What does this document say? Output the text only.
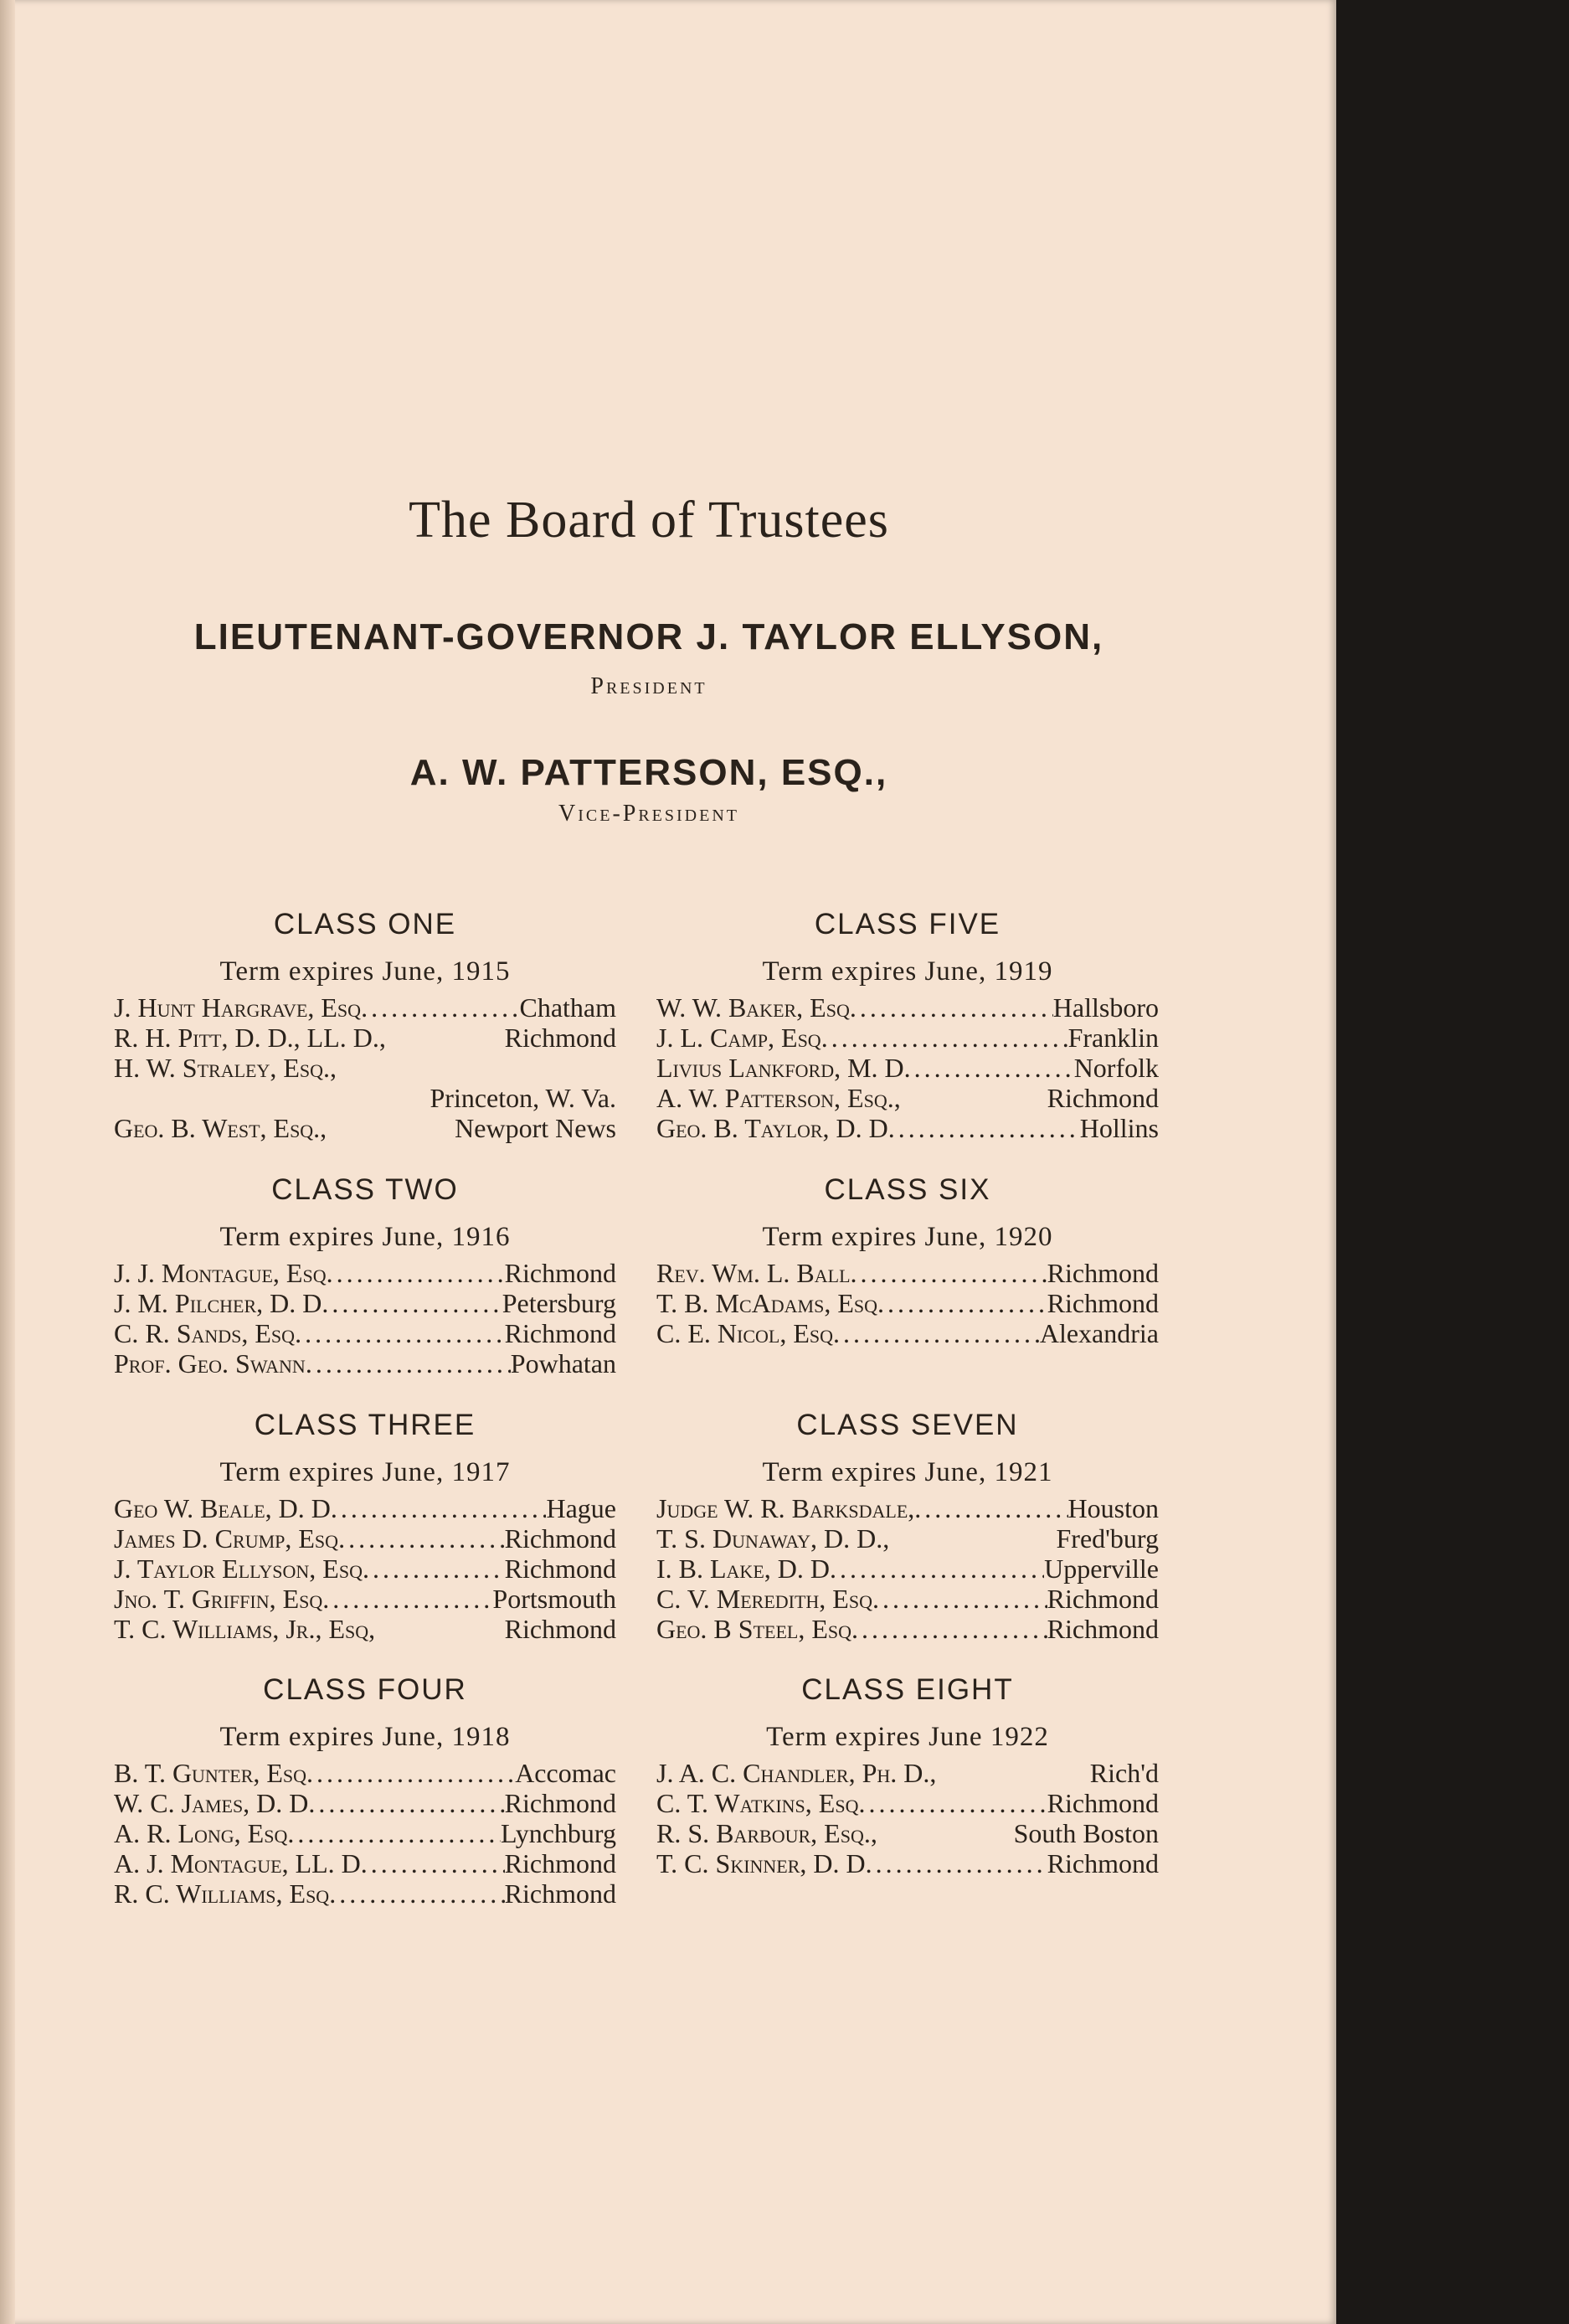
The Board of Trustees
LIEUTENANT-GOVERNOR J. TAYLOR ELLYSON,
President
A. W. PATTERSON, ESQ.,
Vice-President
CLASS ONE
Term expires June, 1915
J. Hunt Hargrave, Esq .....	Chatham
R. H. Pitt, D. D., LL. D.,	Richmond
H. W. Straley, Esq.,
Princeton, W. Va.
Geo. B. West, Esq.,	Newport News
CLASS TWO
Term expires June, 1916
J. J. Montague, Esq .....	Richmond
J. M. Pilcher, D. D .....	Petersburg
C. R. Sands, Esq .....	Richmond
Prof. Geo. Swann .....	Powhatan
CLASS THREE
Term expires June, 1917
Geo W. Beale, D. D .....	Hague
James D. Crump, Esq .....	Richmond
J. Taylor Ellyson, Esq .....	Richmond
Jno. T. Griffin, Esq .....	Portsmouth
T. C. Williams, Jr., Esq,	Richmond
CLASS FOUR
Term expires June, 1918
B. T. Gunter, Esq .....	Accomac
W. C. James, D. D .....	Richmond
A. R. Long, Esq .....	Lynchburg
A. J. Montague, LL. D .....	Richmond
R. C. Williams, Esq .....	Richmond
CLASS FIVE
Term expires June, 1919
W. W. Baker, Esq .....	Hallsboro
J. L. Camp, Esq .....	Franklin
Livius Lankford, M. D .....	Norfolk
A. W. Patterson, Esq.,	Richmond
Geo. B. Taylor, D. D .....	Hollins
CLASS SIX
Term expires June, 1920
Rev. Wm. L. Ball .....	Richmond
T. B. McAdams, Esq .....	Richmond
C. E. Nicol, Esq .....	Alexandria
CLASS SEVEN
Term expires June, 1921
Judge W. R. Barksdale, .....	Houston
T. S. Dunaway, D. D.,	Fred'burg
I. B. Lake, D. D .....	Upperville
C. V. Meredith, Esq .....	Richmond
Geo. B Steel, Esq .....	Richmond
CLASS EIGHT
Term expires June 1922
J. A. C. Chandler, Ph. D.,	Rich'd
C. T. Watkins, Esq .....	Richmond
R. S. Barbour, Esq.,	South Boston
T. C. Skinner, D. D .....	Richmond
